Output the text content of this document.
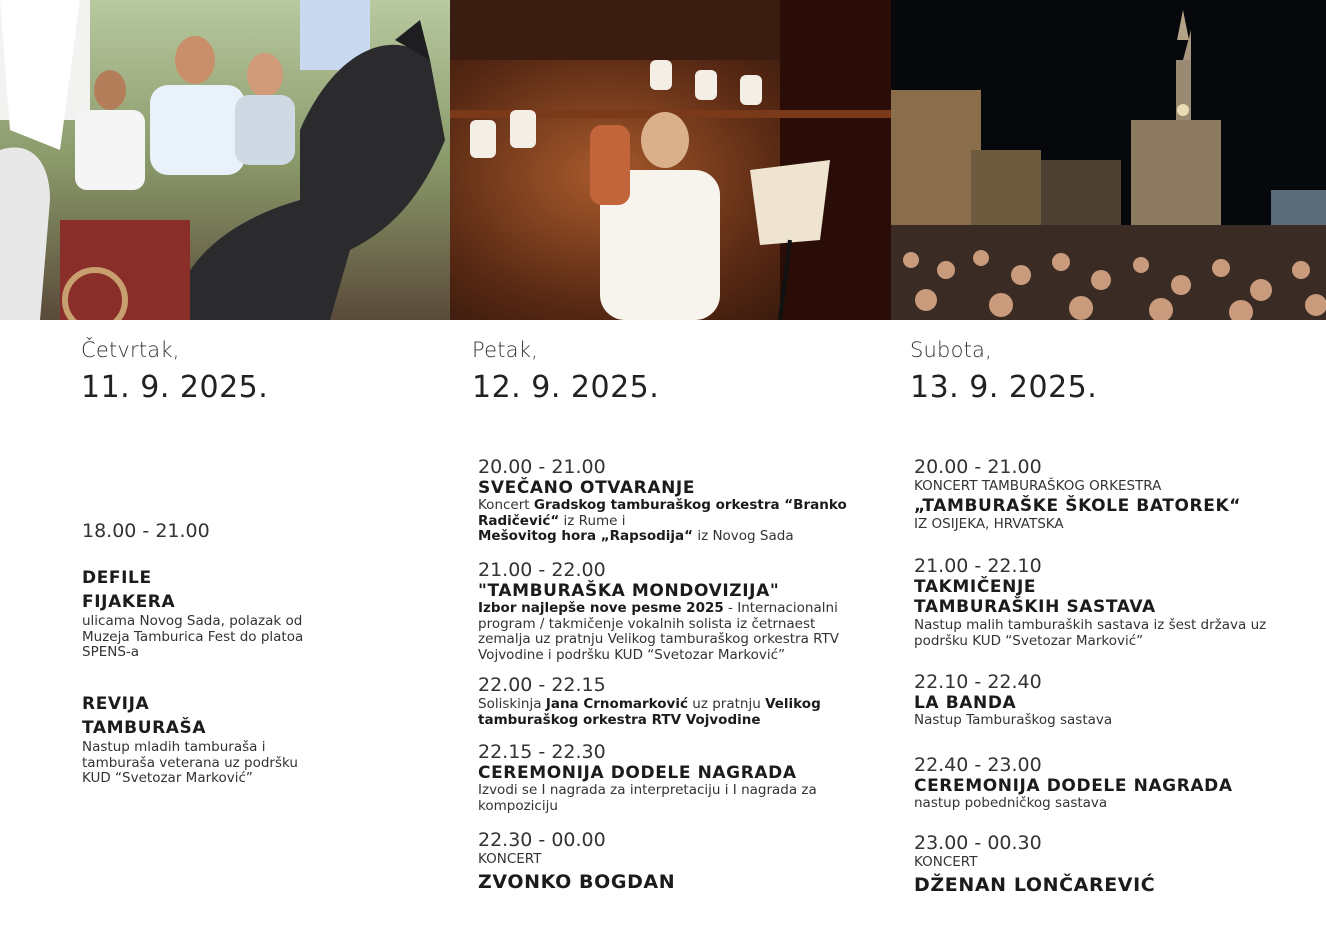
Četvrtak,
11. 9. 2025.
Petak,
12. 9. 2025.
Subota,
13. 9. 2025.
18.00 - 21.00
DEFILE
FIJAKERA
ulicama Novog Sada, polazak od Muzeja Tamburica Fest do platoa SPENS-a
REVIJA
TAMBURAŠA
Nastup mladih tamburaša i tamburaša veterana uz podršku KUD “Svetozar Marković”
20.00 - 21.00
SVEČANO OTVARANJE
Koncert Gradskog tamburaškog orkestra “Branko Radičević“ iz Rume i
Mešovitog hora „Rapsodija“ iz Novog Sada
21.00 - 22.00
"TAMBURAŠKA MONDOVIZIJA"
Izbor najlepše nove pesme 2025 - Internacionalni program / takmičenje vokalnih solista iz četrnaest zemalja uz pratnju Velikog tamburaškog orkestra RTV Vojvodine i podršku KUD “Svetozar Marković”
22.00 - 22.15
Soliskinja Jana Crnomarković uz pratnju Velikog tamburaškog orkestra RTV Vojvodine
22.15 - 22.30
CEREMONIJA DODELE NAGRADA
Izvodi se I nagrada za interpretaciju i I nagrada za kompoziciju
22.30 - 00.00
KONCERT
ZVONKO BOGDAN
20.00 - 21.00
KONCERT TAMBURAŠKOG ORKESTRA
„TAMBURAŠKE ŠKOLE BATOREK“
IZ OSIJEKA, HRVATSKA
21.00 - 22.10
TAKMIČENJE
TAMBURAŠKIH SASTAVA
Nastup malih tamburaških sastava iz šest država uz podršku KUD “Svetozar Marković”
22.10 - 22.40
LA BANDA
Nastup Tamburaškog sastava
22.40 - 23.00
CEREMONIJA DODELE NAGRADA
nastup pobedničkog sastava
23.00 - 00.30
KONCERT
DŽENAN LONČAREVIĆ
